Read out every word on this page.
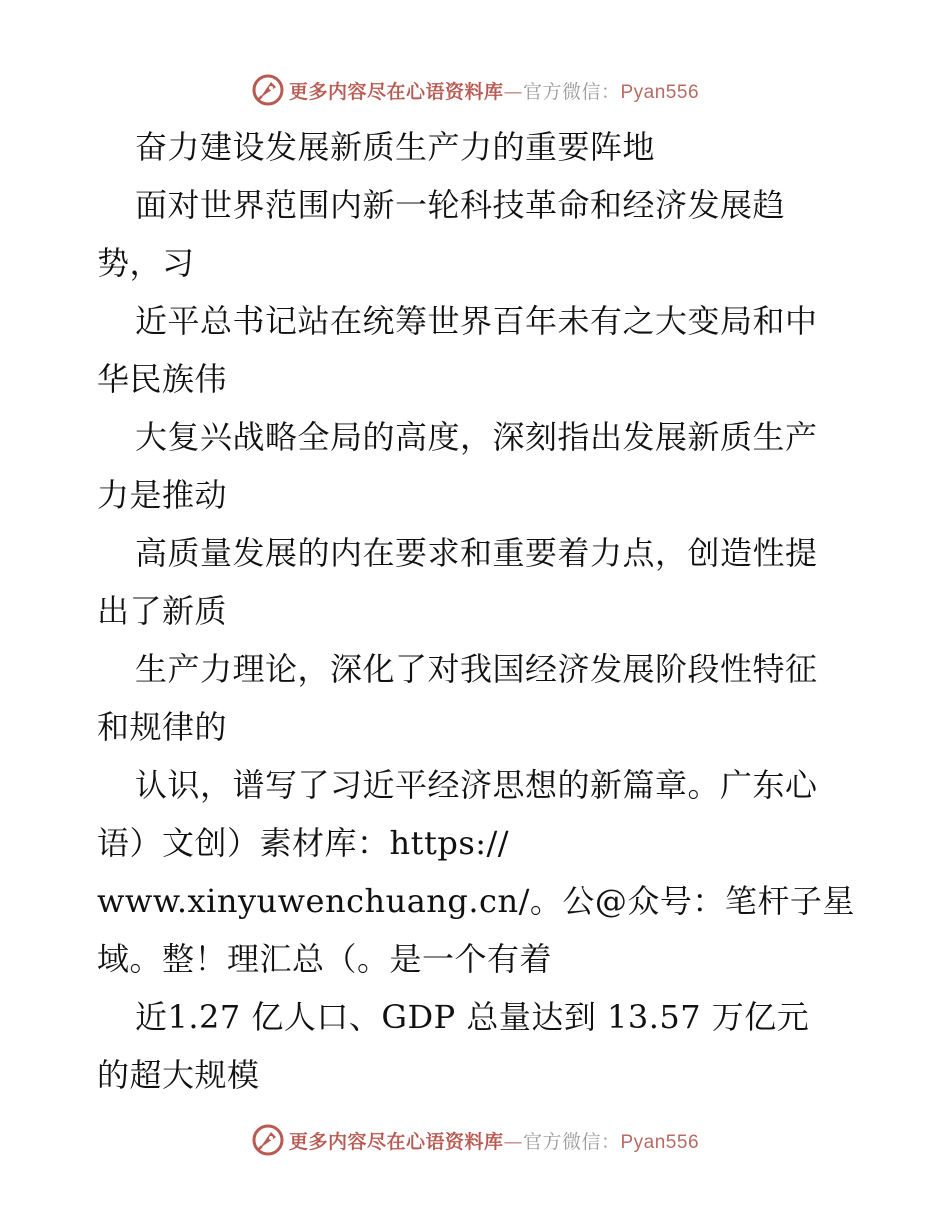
更多内容尽在心语资料库—官方微信：Pyan556
奋力建设发展新质生产力的重要阵地
面对世界范围内新一轮科技革命和经济发展趋
势，习
近平总书记站在统筹世界百年未有之大变局和中
华民族伟
大复兴战略全局的高度，深刻指出发展新质生产
力是推动
高质量发展的内在要求和重要着力点，创造性提
出了新质
生产力理论，深化了对我国经济发展阶段性特征
和规律的
认识，谱写了习近平经济思想的新篇章。广东心
语）文创）素材库：https://
www.xinyuwenchuang.cn/。公@众号：笔杆子星
域。整！理汇总（。是一个有着
近1.27 亿人口、GDP 总量达到 13.57 万亿元
的超大规模
更多内容尽在心语资料库—官方微信：Pyan556
